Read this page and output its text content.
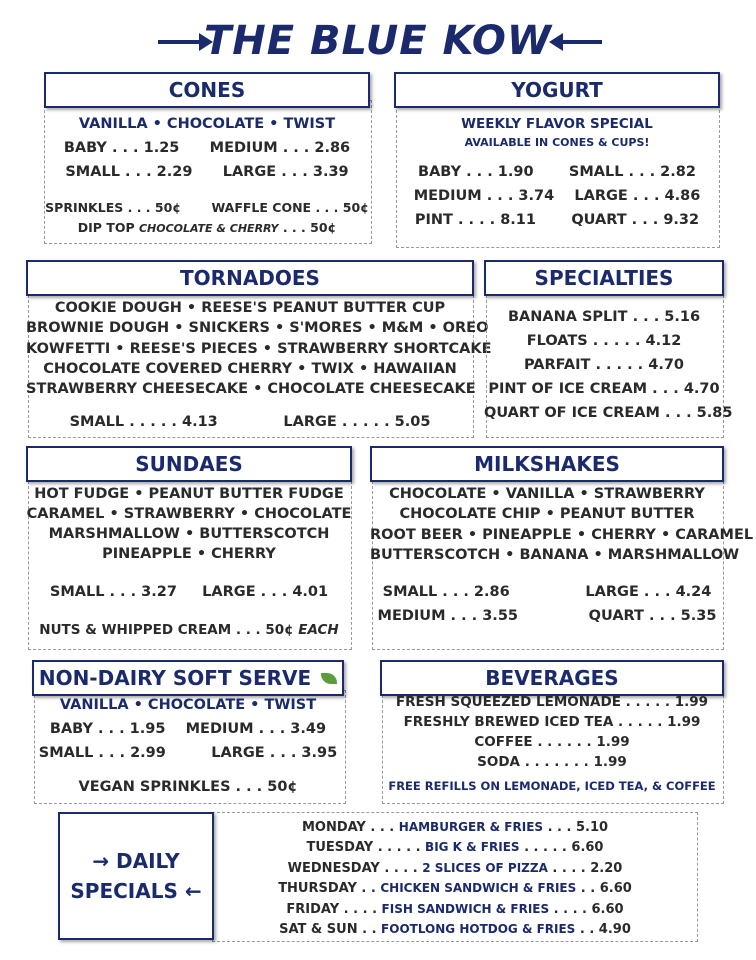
THE BLUE KOW
CONES
VANILLA • CHOCOLATE • TWIST
BABY . . . 1.25      MEDIUM . . . 2.86
SMALL . . . 2.29      LARGE . . . 3.39
SPRINKLES . . . 50¢       WAFFLE CONE . . . 50¢
DIP TOP CHOCOLATE & CHERRY . . . 50¢
YOGURT
WEEKLY FLAVOR SPECIAL
AVAILABLE IN CONES & CUPS!
BABY . . . 1.90       SMALL . . . 2.82
MEDIUM . . . 3.74    LARGE . . . 4.86
PINT . . . . 8.11       QUART . . . 9.32
TORNADOES
COOKIE DOUGH • REESE'S PEANUT BUTTER CUP
BROWNIE DOUGH • SNICKERS • S'MORES • M&M • OREO
KOWFETTI • REESE'S PIECES • STRAWBERRY SHORTCAKE
CHOCOLATE COVERED CHERRY • TWIX • HAWAIIAN
STRAWBERRY CHEESECAKE • CHOCOLATE CHEESECAKE
SMALL . . . . . 4.13             LARGE . . . . . 5.05
SPECIALTIES
BANANA SPLIT . . . 5.16
FLOATS . . . . . 4.12
PARFAIT . . . . . 4.70
PINT OF ICE CREAM . . . 4.70
QUART OF ICE CREAM . . . 5.85
SUNDAES
HOT FUDGE • PEANUT BUTTER FUDGE
CARAMEL • STRAWBERRY • CHOCOLATE
MARSHMALLOW • BUTTERSCOTCH
PINEAPPLE • CHERRY
SMALL . . . 3.27     LARGE . . . 4.01
NUTS & WHIPPED CREAM . . . 50¢ EACH
MILKSHAKES
CHOCOLATE • VANILLA • STRAWBERRY
CHOCOLATE CHIP • PEANUT BUTTER
ROOT BEER • PINEAPPLE • CHERRY • CARAMEL
BUTTERSCOTCH • BANANA • MARSHMALLOW
SMALL . . . 2.86               LARGE . . . 4.24
MEDIUM . . . 3.55              QUART . . . 5.35
NON-DAIRY SOFT SERVE
VANILLA • CHOCOLATE • TWIST
BABY . . . 1.95    MEDIUM . . . 3.49
SMALL . . . 2.99         LARGE . . . 3.95
VEGAN SPRINKLES . . . 50¢
BEVERAGES
FRESH SQUEEZED LEMONADE . . . . . 1.99
FRESHLY BREWED ICED TEA . . . . . 1.99
COFFEE . . . . . . 1.99
SODA . . . . . . . 1.99
FREE REFILLS ON LEMONADE, ICED TEA, & COFFEE
→ DAILY
SPECIALS ←
MONDAY . . . HAMBURGER & FRIES . . . 5.10
TUESDAY . . . . . BIG K & FRIES . . . . . 6.60
WEDNESDAY . . . . 2 SLICES OF PIZZA . . . . 2.20
THURSDAY . . CHICKEN SANDWICH & FRIES . . 6.60
FRIDAY . . . . FISH SANDWICH & FRIES . . . . 6.60
SAT & SUN . . FOOTLONG HOTDOG & FRIES . . 4.90
